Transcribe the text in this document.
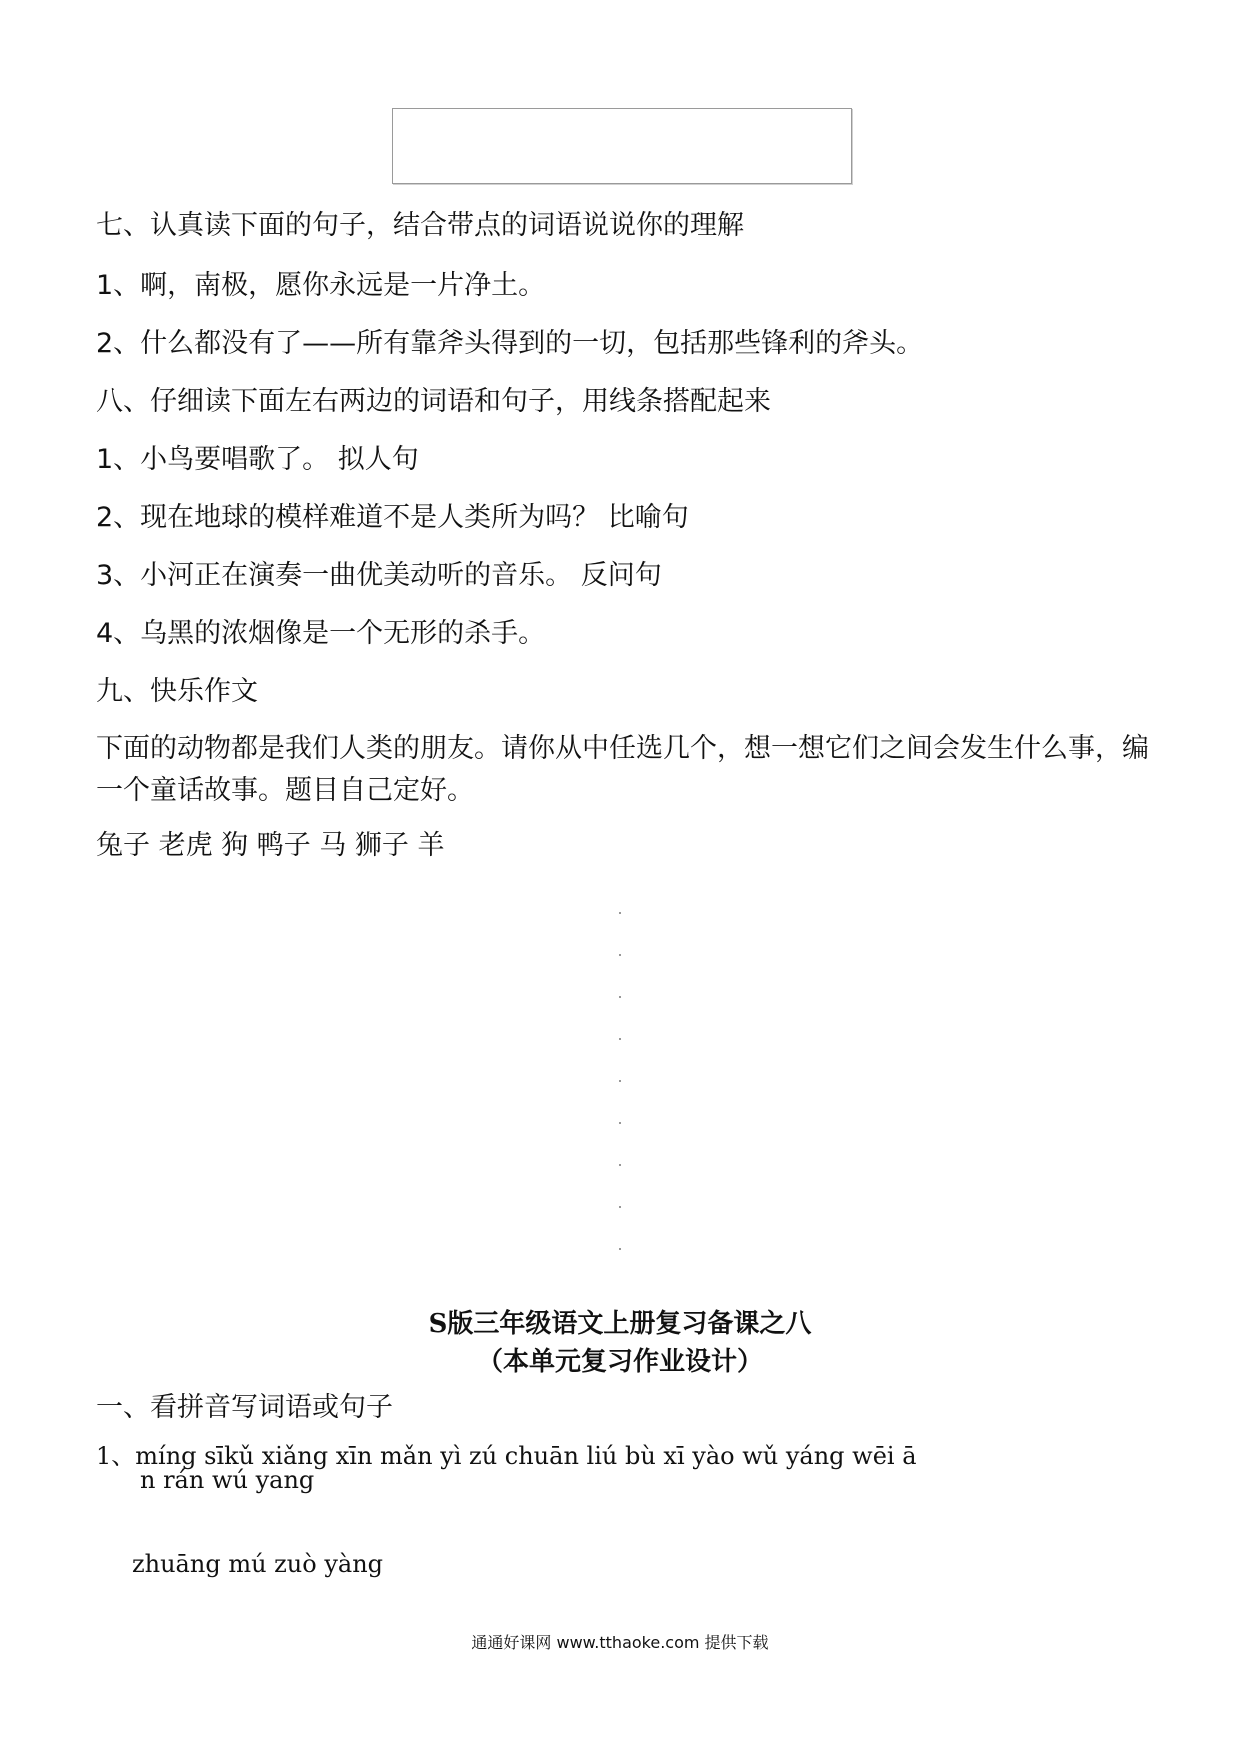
七、认真读下面的句子，结合带点的词语说说你的理解

1、啊，南极，愿你永远是一片净土。

2、什么都没有了——所有靠斧头得到的一切，包括那些锋利的斧头。

八、仔细读下面左右两边的词语和句子，用线条搭配起来

1、小鸟要唱歌了。 拟人句

2、现在地球的模样难道不是人类所为吗？ 比喻句

3、小河正在演奏一曲优美动听的音乐。 反问句

4、乌黑的浓烟像是一个无形的杀手。

九、快乐作文

下面的动物都是我们人类的朋友。请你从中任选几个，想一想它们之间会发生什么事，编一个童话故事。题目自己定好。

兔子 老虎 狗 鸭子 马 狮子 羊

S版三年级语文上册复习备课之八

（本单元复习作业设计）

一、看拼音写词语或句子

1、míng sīkǔ xiǎng xīn mǎn yì zú chuān liú bù xī yào wǔ yáng wēi ā

n rán wú yang

zhuāng mú zuò yàng

通通好课网 www.tthaoke.com 提供下载
